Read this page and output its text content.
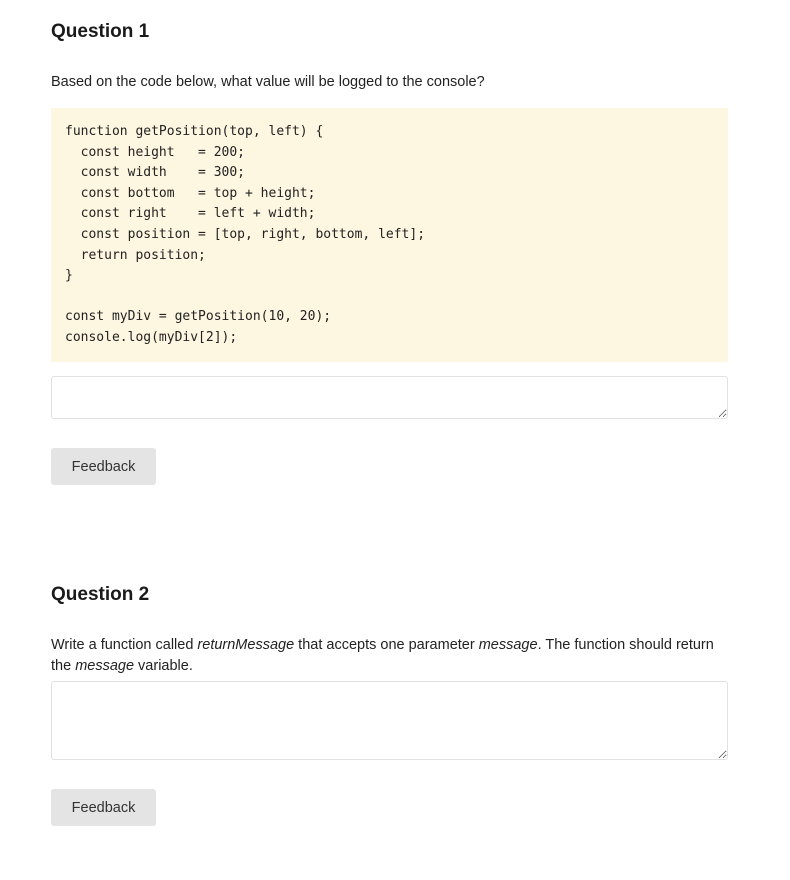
Question 1

Based on the code below, what value will be logged to the console?

function getPosition(top, left) {
const height   = 200;
const width    = 300;
const bottom   = top + height;
const right    = left + width;
const position = [top, right, bottom, left];
return position;
}

const myDiv = getPosition(10, 20);
console.log(myDiv[2]);
Feedback
Question 2

Write a function called returnMessage that accepts one parameter message. The function should return the message variable.

Feedback
